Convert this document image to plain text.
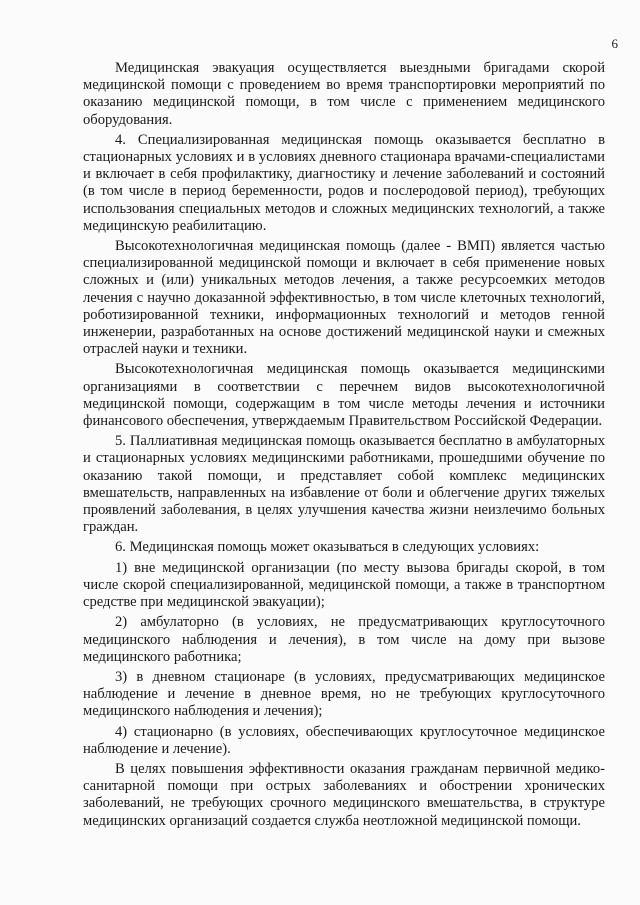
6

Медицинская эвакуация осуществляется выездными бригадами скорой медицинской помощи с проведением во время транспортировки мероприятий по оказанию медицинской помощи, в том числе с применением медицинского оборудования.

4. Специализированная медицинская помощь оказывается бесплатно в стационарных условиях и в условиях дневного стационара врачами-специалистами и включает в себя профилактику, диагностику и лечение заболеваний и состояний (в том числе в период беременности, родов и послеродовой период), требующих использования специальных методов и сложных медицинских технологий, а также медицинскую реабилитацию.

Высокотехнологичная медицинская помощь (далее - ВМП) является частью специализированной медицинской помощи и включает в себя применение новых сложных и (или) уникальных методов лечения, а также ресурсоемких методов лечения с научно доказанной эффективностью, в том числе клеточных технологий, роботизированной техники, информационных технологий и методов генной инженерии, разработанных на основе достижений медицинской науки и смежных отраслей науки и техники.

Высокотехнологичная медицинская помощь оказывается медицинскими организациями в соответствии с перечнем видов высокотехнологичной медицинской помощи, содержащим в том числе методы лечения и источники финансового обеспечения, утверждаемым Правительством Российской Федерации.

5. Паллиативная медицинская помощь оказывается бесплатно в амбулаторных и стационарных условиях медицинскими работниками, прошедшими обучение по оказанию такой помощи, и представляет собой комплекс медицинских вмешательств, направленных на избавление от боли и облегчение других тяжелых проявлений заболевания, в целях улучшения качества жизни неизлечимо больных граждан.

6. Медицинская помощь может оказываться в следующих условиях:

1) вне медицинской организации (по месту вызова бригады скорой, в том числе скорой специализированной, медицинской помощи, а также в транспортном средстве при медицинской эвакуации);

2) амбулаторно (в условиях, не предусматривающих круглосуточного медицинского наблюдения и лечения), в том числе на дому при вызове медицинского работника;

3) в дневном стационаре (в условиях, предусматривающих медицинское наблюдение и лечение в дневное время, но не требующих круглосуточного медицинского наблюдения и лечения);

4) стационарно (в условиях, обеспечивающих круглосуточное медицинское наблюдение и лечение).

В целях повышения эффективности оказания гражданам первичной медико-санитарной помощи при острых заболеваниях и обострении хронических заболеваний, не требующих срочного медицинского вмешательства, в структуре медицинских организаций создается служба неотложной медицинской помощи.
